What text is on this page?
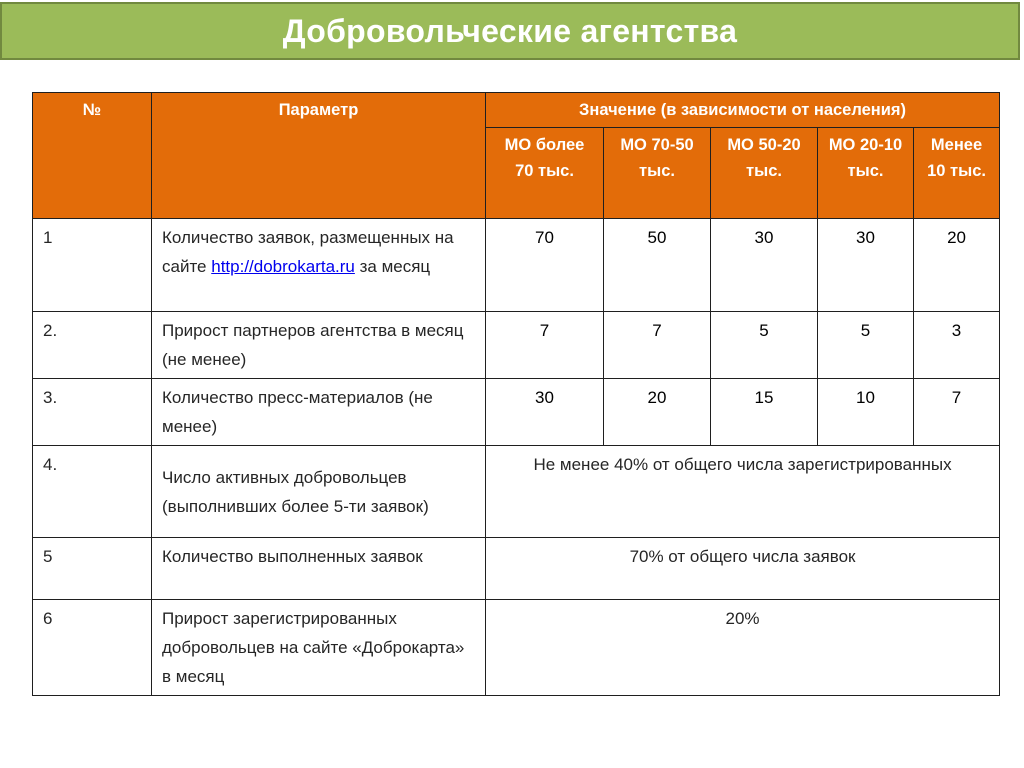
Добровольческие агентства
№	Параметр	Значение (в зависимости от населения)				
		МО более 70 тыс.	МО 70-50 тыс.	МО 50-20 тыс.	МО 20-10 тыс.	Менее 10 тыс.
1	Количество заявок, размещенных на сайте http://dobrokarta.ru за месяц	70	50	30	30	20
2.	Прирост партнеров агентства в месяц (не менее)	7	7	5	5	3
3.	Количество пресс-материалов (не менее)	30	20	15	10	7
4.	Число активных добровольцев (выполнивших более 5-ти заявок)	Не менее 40% от общего числа зарегистрированных				
5	Количество выполненных заявок	70% от общего числа заявок				
6	Прирост зарегистрированных добровольцев на сайте «Доброкарта» в месяц	20%				
